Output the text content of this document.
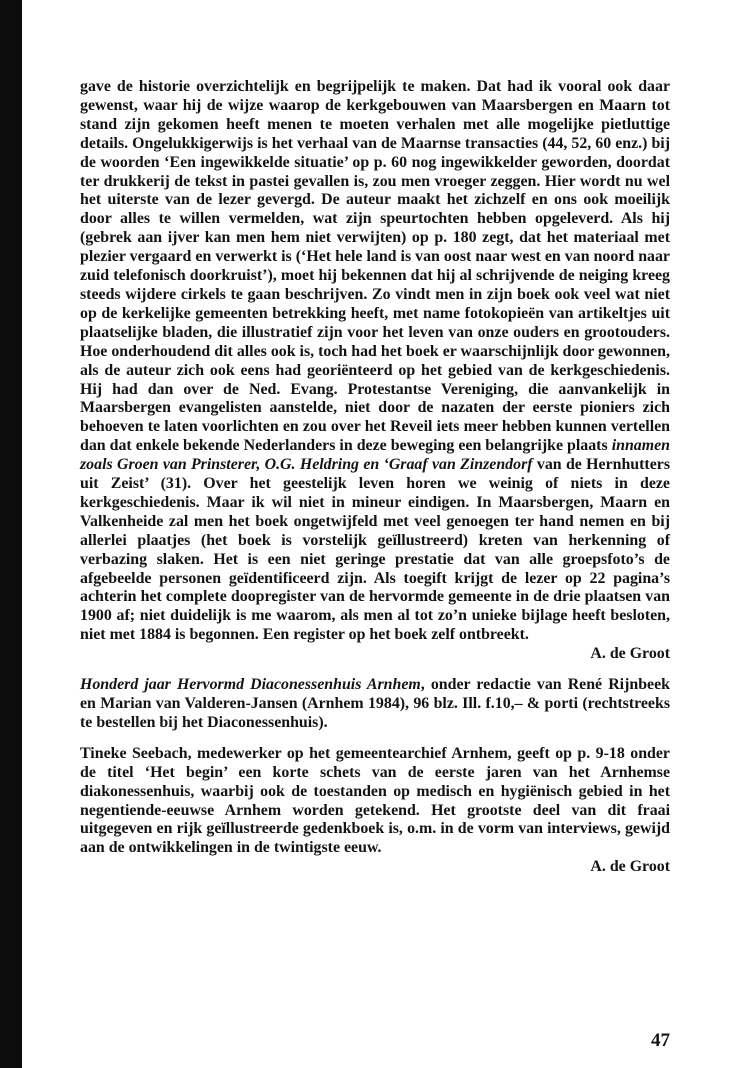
gave de historie overzichtelijk en begrijpelijk te maken. Dat had ik vooral ook daar gewenst, waar hij de wijze waarop de kerkgebouwen van Maarsbergen en Maarn tot stand zijn gekomen heeft menen te moeten verhalen met alle mogelijke pietluttige details. Ongelukkigerwijs is het verhaal van de Maarnse transacties (44, 52, 60 enz.) bij de woorden ‘Een ingewikkelde situatie’ op p. 60 nog ingewikkelder geworden, doordat ter drukkerij de tekst in pastei gevallen is, zou men vroeger zeggen. Hier wordt nu wel het uiterste van de lezer gevergd. De auteur maakt het zichzelf en ons ook moeilijk door alles te willen vermelden, wat zijn speurtochten hebben opgeleverd. Als hij (gebrek aan ijver kan men hem niet verwijten) op p. 180 zegt, dat het materiaal met plezier vergaard en verwerkt is (‘Het hele land is van oost naar west en van noord naar zuid telefonisch doorkruist’), moet hij bekennen dat hij al schrijvende de neiging kreeg steeds wijdere cirkels te gaan beschrijven. Zo vindt men in zijn boek ook veel wat niet op de kerkelijke gemeenten betrekking heeft, met name fotokopieën van artikeltjes uit plaatselijke bladen, die illustratief zijn voor het leven van onze ouders en grootouders. Hoe onderhoudend dit alles ook is, toch had het boek er waarschijnlijk door gewonnen, als de auteur zich ook eens had georiënteerd op het gebied van de kerkgeschiedenis. Hij had dan over de Ned. Evang. Protestantse Vereniging, die aanvankelijk in Maarsbergen evangelisten aanstelde, niet door de nazaten der eerste pioniers zich behoeven te laten voorlichten en zou over het Reveil iets meer hebben kunnen vertellen dan dat enkele bekende Nederlanders in deze beweging een belangrijke plaats innamen zoals Groen van Prinsterer, O.G. Heldring en ‘Graaf van Zinzendorf van de Hernhutters uit Zeist’ (31). Over het geestelijk leven horen we weinig of niets in deze kerkgeschiedenis. Maar ik wil niet in mineur eindigen. In Maarsbergen, Maarn en Valkenheide zal men het boek ongetwijfeld met veel genoegen ter hand nemen en bij allerlei plaatjes (het boek is vorstelijk geïllustreerd) kreten van herkenning of verbazing slaken. Het is een niet geringe prestatie dat van alle groepsfoto’s de afgebeelde personen geïdentificeerd zijn. Als toegift krijgt de lezer op 22 pagina’s achterin het complete doopregister van de hervormde gemeente in de drie plaatsen van 1900 af; niet duidelijk is me waarom, als men al tot zo’n unieke bijlage heeft besloten, niet met 1884 is begonnen. Een register op het boek zelf ontbreekt.

A. de Groot

Honderd jaar Hervormd Diaconessenhuis Arnhem, onder redactie van René Rijnbeek en Marian van Valderen-Jansen (Arnhem 1984), 96 blz. Ill. f.10,– & porti (rechtstreeks te bestellen bij het Diaconessenhuis).

Tineke Seebach, medewerker op het gemeentearchief Arnhem, geeft op p. 9-18 onder de titel ‘Het begin’ een korte schets van de eerste jaren van het Arnhemse diakonessenhuis, waarbij ook de toestanden op medisch en hygiënisch gebied in het negentiende-eeuwse Arnhem worden getekend. Het grootste deel van dit fraai uitgegeven en rijk geïllustreerde gedenkboek is, o.m. in de vorm van interviews, gewijd aan de ontwikkelingen in de twintigste eeuw.

A. de Groot

47
